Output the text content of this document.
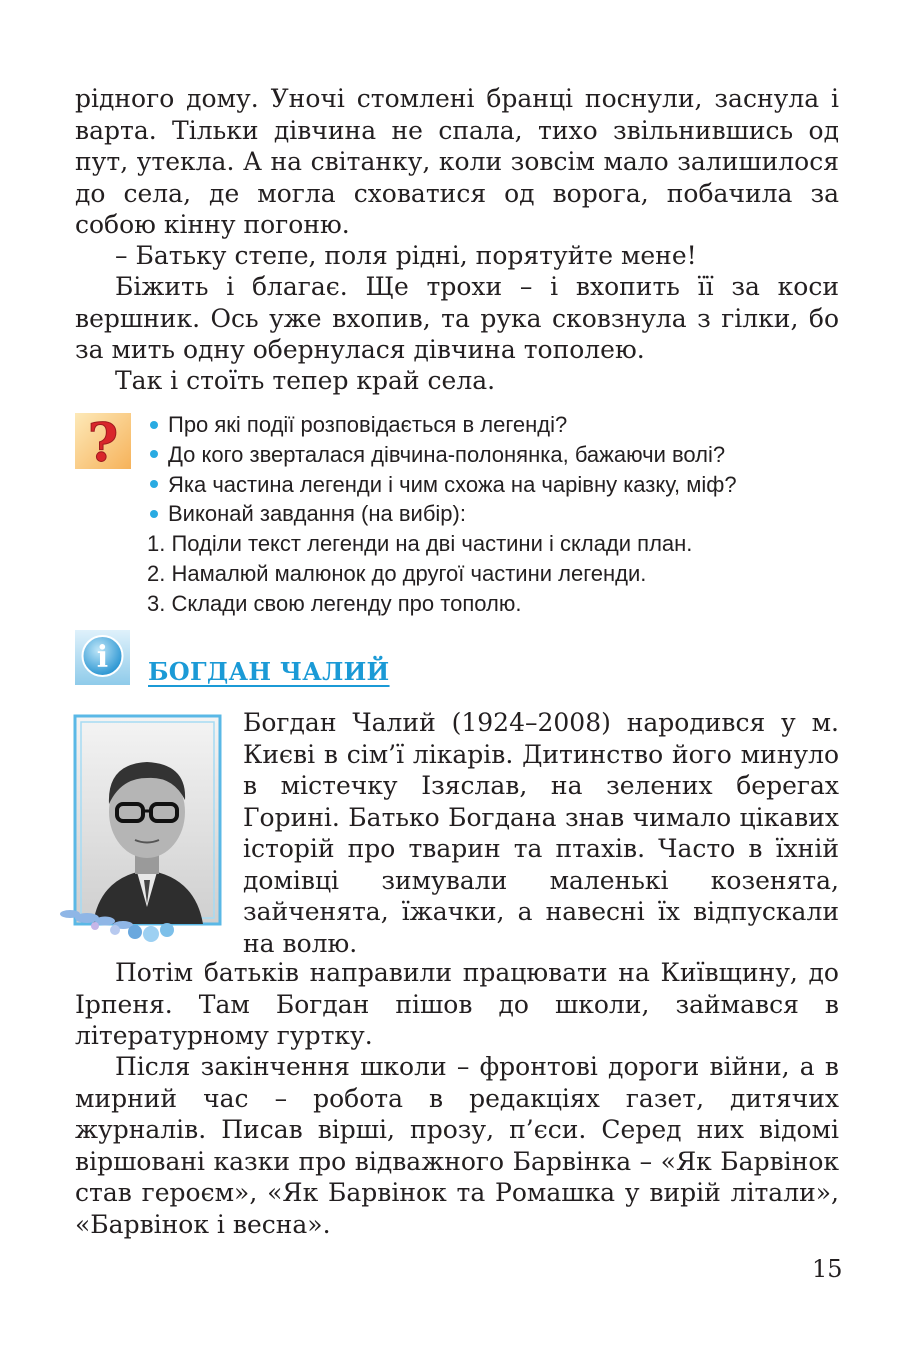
рідного дому. Уночі стомлені бранці поснули, заснула і варта. Тільки дівчина не спала, тихо звільнившись од пут, утекла. А на світанку, коли зовсім мало залишилося до села, де могла сховатися од ворога, побачила за собою кінну погоню.

– Батьку степе, поля рідні, порятуйте мене!

Біжить і благає. Ще трохи – і вхопить її за коси вершник. Ось уже вхопив, та рука сковзнула з гілки, бо за мить одну обернулася дівчина тополею.

Так і стоїть тепер край села.

?	Про які події розповідається в легенді?
До кого зверталася дівчина-полонянка, бажаючи волі?
Яка частина легенди і чим схожа на чарівну казку, міф?
Виконай завдання (на вибір):
1. Поділи текст легенди на дві частини і склади план.
2. Намалюй малюнок до другої частини легенди.
3. Склади свою легенду про тополю.
i БОГДАН ЧАЛИЙ

Богдан Чалий (1924–2008) народився у м. Києві в сім’ї лікарів. Дитинство його минуло в містечку Ізяслав, на зелених берегах Горині. Батько Богдана знав чимало цікавих історій про тварин та птахів. Часто в їхній домівці зимували маленькі козенята, зайченята, їжачки, а навесні їх відпускали на волю.

Потім батьків направили працювати на Київщину, до Ірпеня. Там Богдан пішов до школи, займався в літературному гуртку.

Після закінчення школи – фронтові дороги війни, а в мирний час – робота в редакціях газет, дитячих журналів. Писав вірші, прозу, п’єси. Серед них відомі віршовані казки про відважного Барвінка – «Як Барвінок став героєм», «Як Барвінок та Ромашка у вирій літали», «Барвінок і весна».

15
